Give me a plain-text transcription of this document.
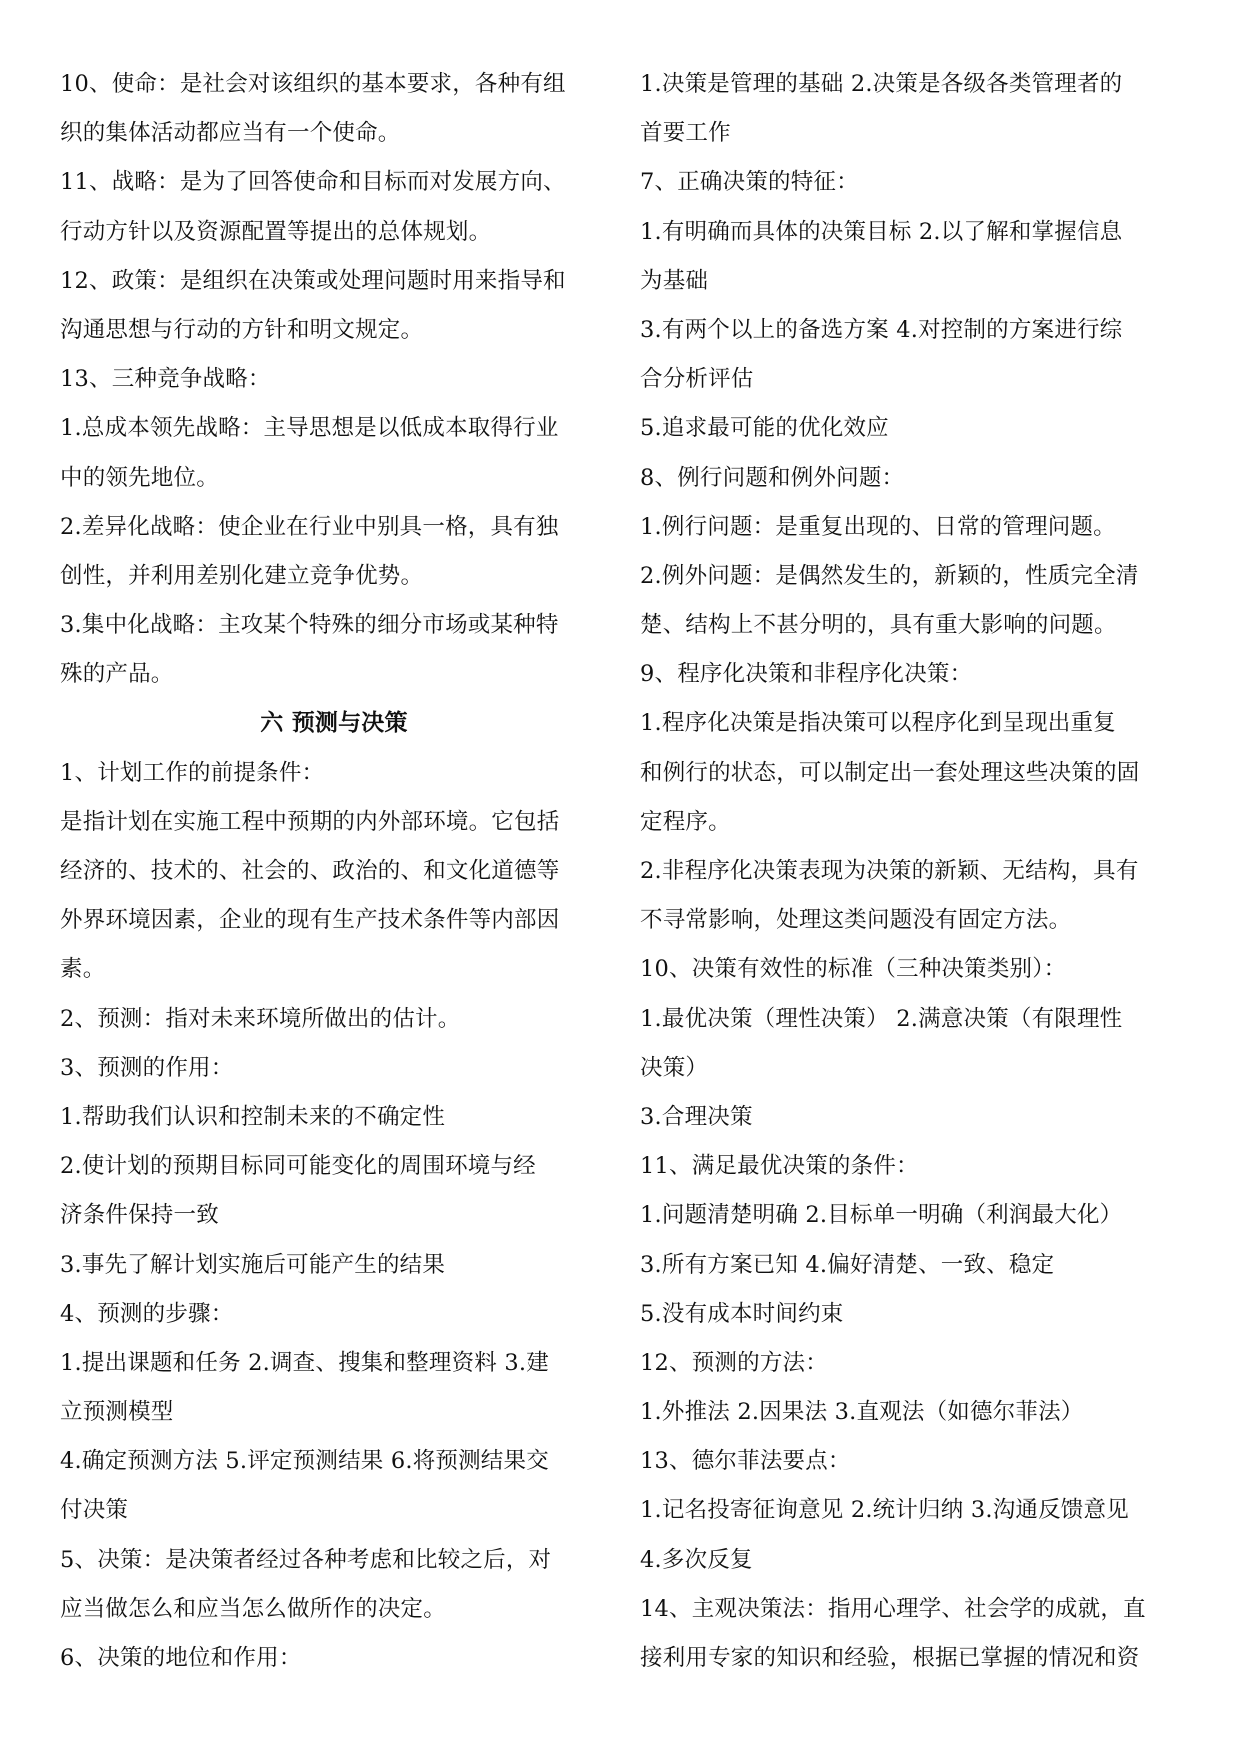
10、使命：是社会对该组织的基本要求，各种有组
织的集体活动都应当有一个使命。
11、战略：是为了回答使命和目标而对发展方向、
行动方针以及资源配置等提出的总体规划。
12、政策：是组织在决策或处理问题时用来指导和
沟通思想与行动的方针和明文规定。
13、三种竞争战略：
1.总成本领先战略：主导思想是以低成本取得行业
中的领先地位。
2.差异化战略：使企业在行业中别具一格，具有独
创性，并利用差别化建立竞争优势。
3.集中化战略：主攻某个特殊的细分市场或某种特
殊的产品。
六 预测与决策
1、计划工作的前提条件：
是指计划在实施工程中预期的内外部环境。它包括
经济的、技术的、社会的、政治的、和文化道德等
外界环境因素，企业的现有生产技术条件等内部因
素。
2、预测：指对未来环境所做出的估计。
3、预测的作用：
1.帮助我们认识和控制未来的不确定性
2.使计划的预期目标同可能变化的周围环境与经
济条件保持一致
3.事先了解计划实施后可能产生的结果
4、预测的步骤：
1.提出课题和任务 2.调查、搜集和整理资料 3.建
立预测模型
4.确定预测方法 5.评定预测结果 6.将预测结果交
付决策
5、决策：是决策者经过各种考虑和比较之后，对
应当做怎么和应当怎么做所作的决定。
6、决策的地位和作用：
1.决策是管理的基础 2.决策是各级各类管理者的
首要工作
7、正确决策的特征：
1.有明确而具体的决策目标 2.以了解和掌握信息
为基础
3.有两个以上的备选方案 4.对控制的方案进行综
合分析评估
5.追求最可能的优化效应
8、例行问题和例外问题：
1.例行问题：是重复出现的、日常的管理问题。
2.例外问题：是偶然发生的，新颖的，性质完全清
楚、结构上不甚分明的，具有重大影响的问题。
9、程序化决策和非程序化决策：
1.程序化决策是指决策可以程序化到呈现出重复
和例行的状态，可以制定出一套处理这些决策的固
定程序。
2.非程序化决策表现为决策的新颖、无结构，具有
不寻常影响，处理这类问题没有固定方法。
10、决策有效性的标准（三种决策类别）：
1.最优决策（理性决策） 2.满意决策（有限理性
决策）
3.合理决策
11、满足最优决策的条件：
1.问题清楚明确 2.目标单一明确（利润最大化）
3.所有方案已知 4.偏好清楚、一致、稳定
5.没有成本时间约束
12、预测的方法：
1.外推法 2.因果法 3.直观法（如德尔菲法）
13、德尔菲法要点：
1.记名投寄征询意见 2.统计归纳 3.沟通反馈意见
4.多次反复
14、主观决策法：指用心理学、社会学的成就，直
接利用专家的知识和经验，根据已掌握的情况和资
